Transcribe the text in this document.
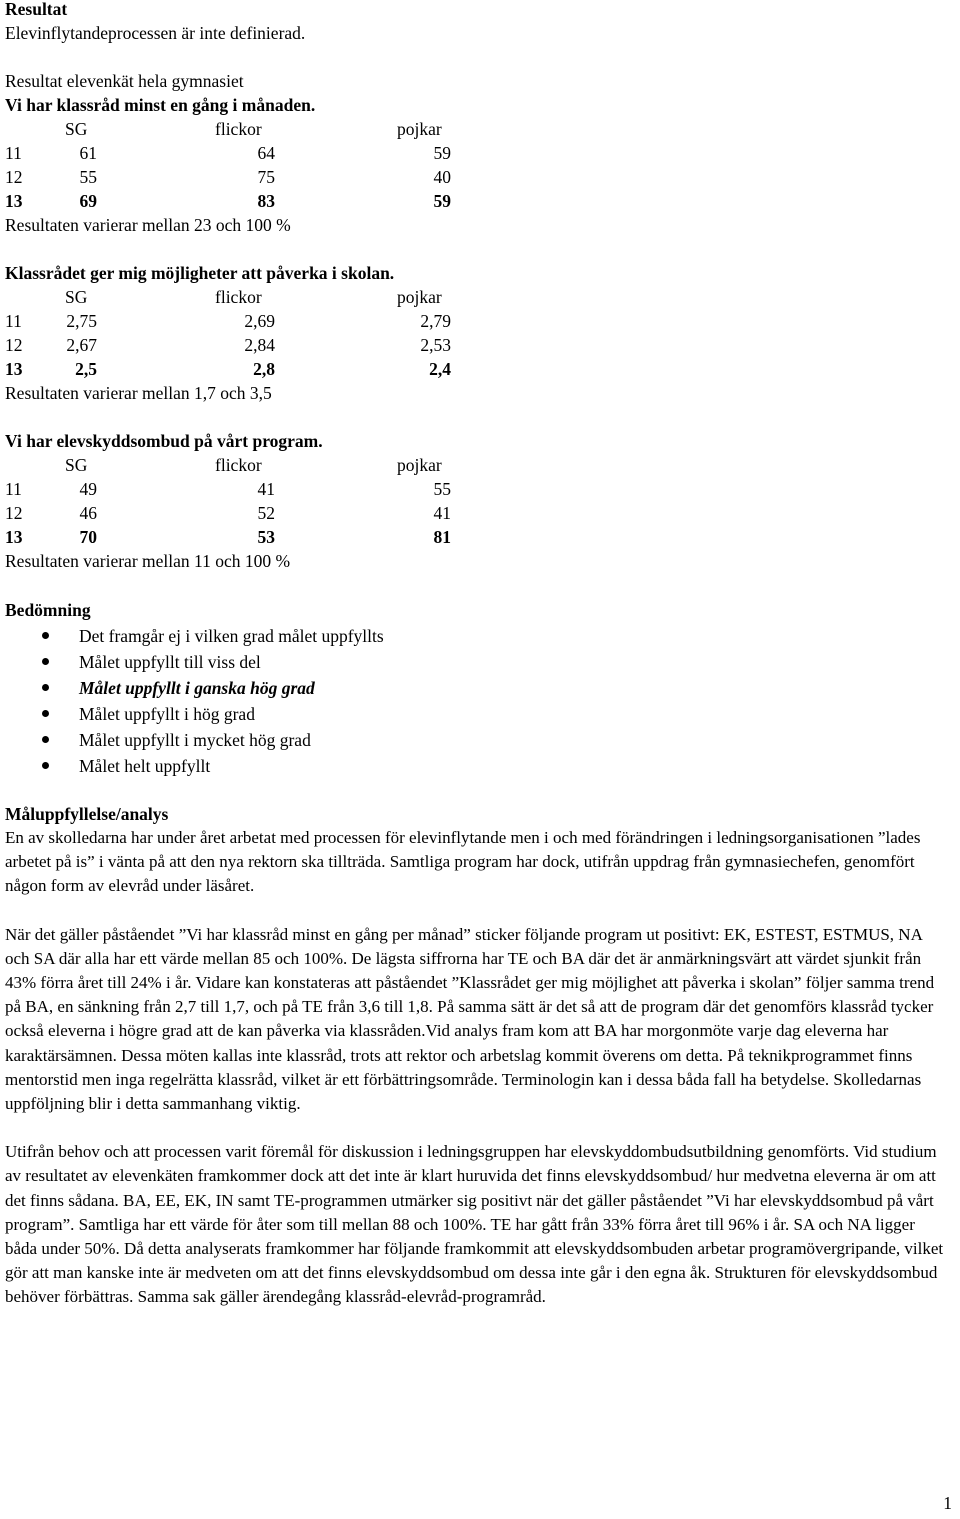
Resultat
Elevinflytandeprocessen är inte definierad.
Resultat elevenkät hela gymnasiet
Vi har klassråd minst en gång i månaden.
SG	flickor	pojkar
11	61	64	59
12	55	75	40
13	69	83	59
Resultaten varierar mellan 23 och 100 %
Klassrådet ger mig möjligheter att påverka i skolan.
SG	flickor	pojkar
11	2,75	2,69	2,79
12	2,67	2,84	2,53
13	2,5	2,8	2,4
Resultaten varierar mellan 1,7 och 3,5
Vi har elevskyddsombud på vårt program.
SG	flickor	pojkar
11	49	41	55
12	46	52	41
13	70	53	81
Resultaten varierar mellan 11 och 100 %
Bedömning
Det framgår ej i vilken grad målet uppfyllts
Målet uppfyllt till viss del
Målet uppfyllt i ganska hög grad
Målet uppfyllt i hög grad
Målet uppfyllt i mycket hög grad
Målet helt uppfyllt
Måluppfyllelse/analys

En av skolledarna har under året arbetat med processen för elevinflytande men i och med förändringen i ledningsorganisationen ”lades arbetet på is” i vänta på att den nya rektorn ska tillträda. Samtliga program har dock, utifrån uppdrag från gymnasiechefen, genomfört någon form av elevråd under läsåret.

När det gäller påståendet ”Vi har klassråd minst en gång per månad” sticker följande program ut positivt: EK, ESTEST, ESTMUS, NA och SA där alla har ett värde mellan 85 och 100%. De lägsta siffrorna har TE och BA där det är anmärkningsvärt att värdet sjunkit från 43% förra året till 24% i år. Vidare kan konstateras att påståendet ”Klassrådet ger mig möjlighet att påverka i skolan” följer samma trend på BA, en sänkning från 2,7 till 1,7, och på TE från 3,6 till 1,8. På samma sätt är det så att de program där det genomförs klassråd tycker också eleverna i högre grad att de kan påverka via klassråden.Vid analys fram kom att BA har morgonmöte varje dag eleverna har karaktärsämnen. Dessa möten kallas inte klassråd, trots att rektor och arbetslag kommit överens om detta. På teknikprogrammet finns mentorstid men inga regelrätta klassråd, vilket är ett förbättringsområde. Terminologin kan i dessa båda fall ha betydelse. Skolledarnas uppföljning blir i detta sammanhang viktig.

Utifrån behov och att processen varit föremål för diskussion i ledningsgruppen har elevskyddombudsutbildning genomförts. Vid studium av resultatet av elevenkäten framkommer dock att det inte är klart huruvida det finns elevskyddsombud/ hur medvetna eleverna är om att det finns sådana. BA, EE, EK, IN samt TE-programmen utmärker sig positivt när det gäller påståendet ”Vi har elevskyddsombud på vårt program”. Samtliga har ett värde för åter som till mellan 88 och 100%. TE har gått från 33% förra året till 96% i år. SA och NA ligger båda under 50%. Då detta analyserats framkommer har följande framkommit att elevskyddsombuden arbetar programövergripande, vilket gör att man kanske inte är medveten om att det finns elevskyddsombud om dessa inte går i den egna åk. Strukturen för elevskyddsombud behöver förbättras. Samma sak gäller ärendegång klassråd-elevråd-programråd.

1
